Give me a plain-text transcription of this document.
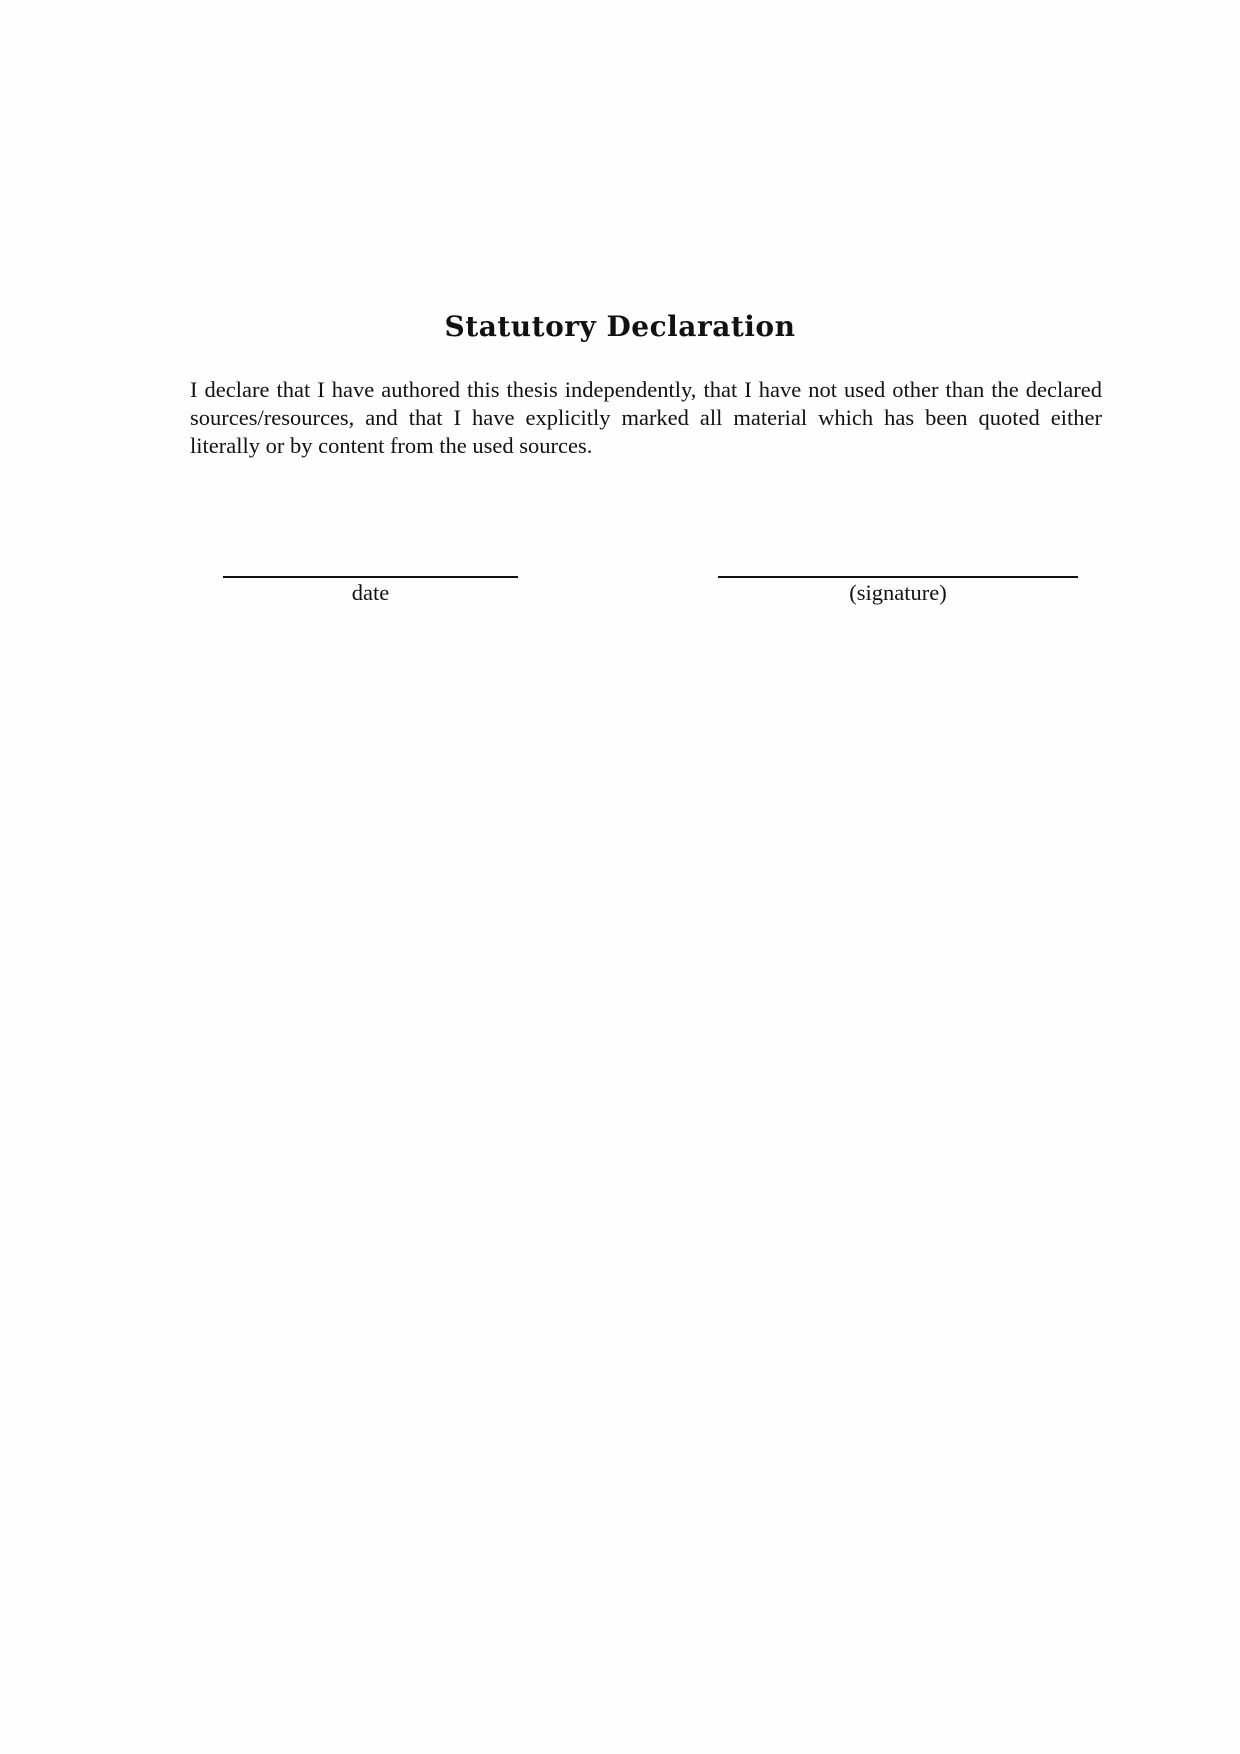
Statutory Declaration

I declare that I have authored this thesis independently, that I have not used other than the declared sources/resources, and that I have explicitly marked all material which has been quoted either literally or by content from the used sources.

date	(signature)
